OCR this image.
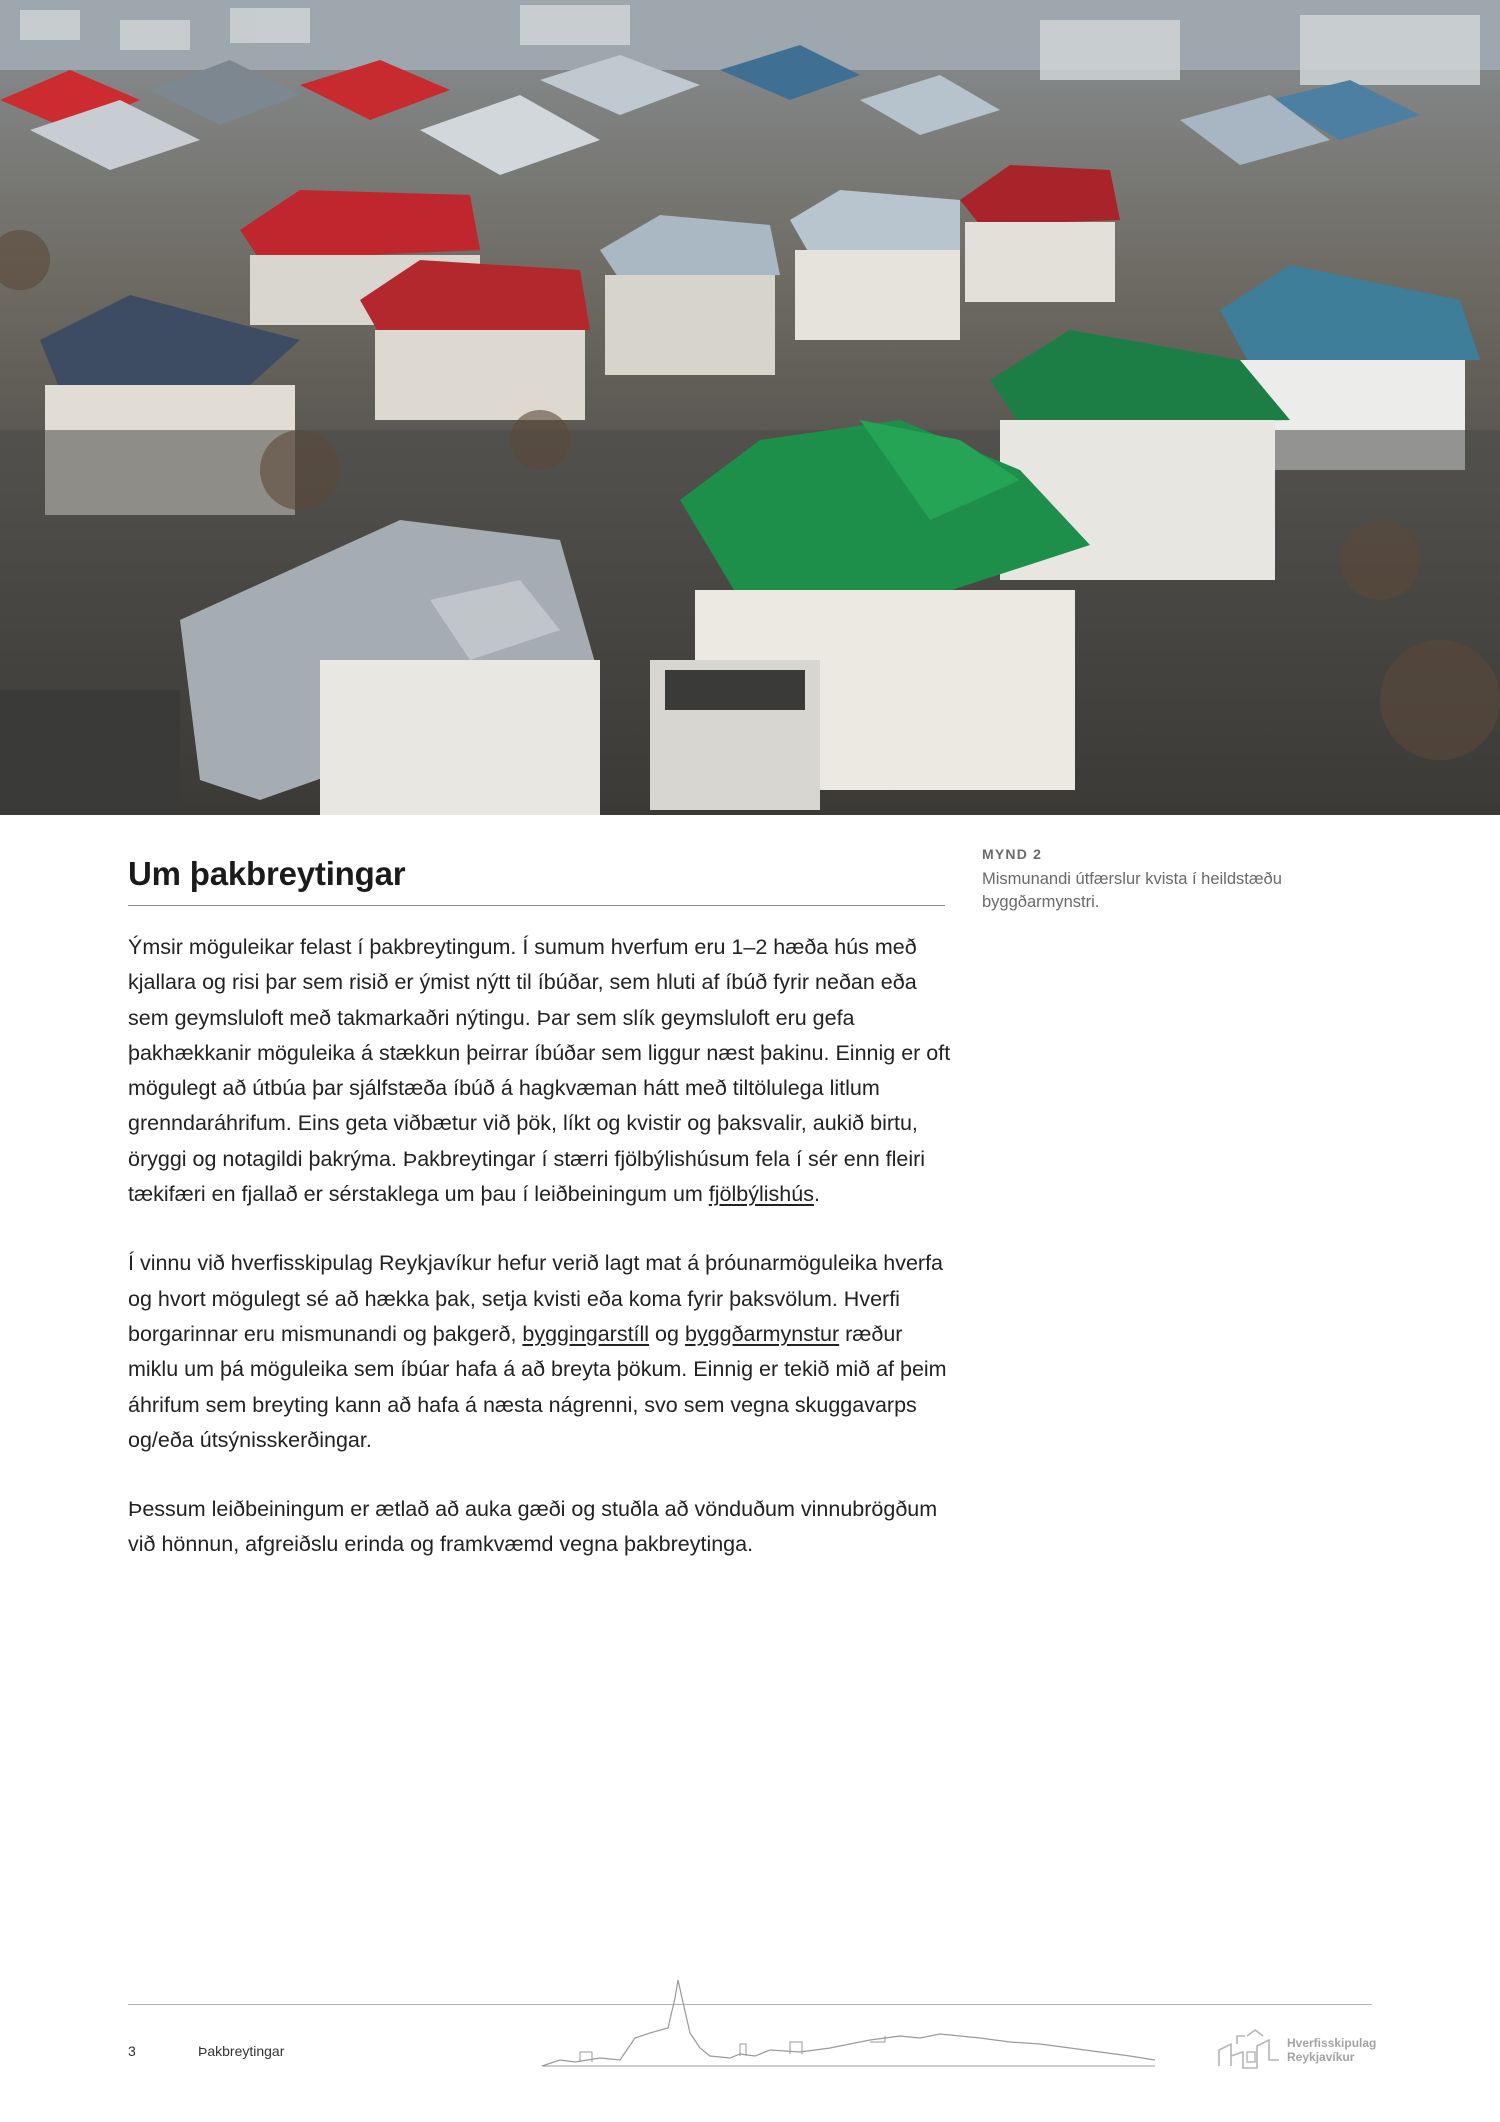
Um þakbreytingar
MYND 2
Mismunandi útfærslur kvista í heildstæðu byggðarmynstri.

Ýmsir möguleikar felast í þakbreytingum. Í sumum hverfum eru 1–2 hæða hús með kjallara og risi þar sem risið er ýmist nýtt til íbúðar, sem hluti af íbúð fyrir neðan eða sem geymsluloft með takmarkaðri nýtingu. Þar sem slík geymsluloft eru gefa þakhækkanir möguleika á stækkun þeirrar íbúðar sem liggur næst þakinu. Einnig er oft mögulegt að útbúa þar sjálfstæða íbúð á hagkvæman hátt með tiltölulega litlum grenndaráhrifum. Eins geta viðbætur við þök, líkt og kvistir og þaksvalir, aukið birtu, öryggi og notagildi þakrýma. Þakbreytingar í stærri fjölbýlishúsum fela í sér enn fleiri tækifæri en fjallað er sérstaklega um þau í leiðbeiningum um fjölbýlishús.

Í vinnu við hverfisskipulag Reykjavíkur hefur verið lagt mat á þróunarmöguleika hverfa og hvort mögulegt sé að hækka þak, setja kvisti eða koma fyrir þaksvölum. Hverfi borgarinnar eru mismunandi og þakgerð, byggingarstíll og byggðarmynstur ræður miklu um þá möguleika sem íbúar hafa á að breyta þökum. Einnig er tekið mið af þeim áhrifum sem breyting kann að hafa á næsta nágrenni, svo sem vegna skuggavarps og/eða útsýnisskerðingar.

Þessum leiðbeiningum er ætlað að auka gæði og stuðla að vönduðum vinnubrögðum við hönnun, afgreiðslu erinda og framkvæmd vegna þakbreytinga.

3	Þakbreytingar	Hverfisskipulag
Reykjavíkur
